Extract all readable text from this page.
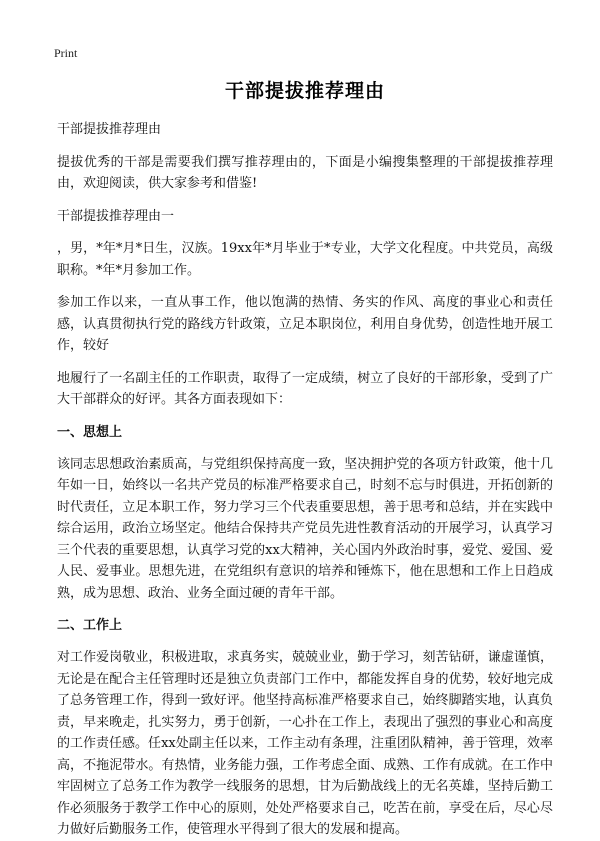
Print
干部提拔推荐理由

干部提拔推荐理由

提拔优秀的干部是需要我们撰写推荐理由的，下面是小编搜集整理的干部提拔推荐理由，欢迎阅读，供大家参考和借鉴!

干部提拔推荐理由一

，男，*年*月*日生，汉族。19xx年*月毕业于*专业，大学文化程度。中共党员，高级职称。*年*月参加工作。

参加工作以来，一直从事工作，他以饱满的热情、务实的作风、高度的事业心和责任感，认真贯彻执行党的路线方针政策，立足本职岗位，利用自身优势，创造性地开展工作，较好

地履行了一名副主任的工作职责，取得了一定成绩，树立了良好的干部形象，受到了广大干部群众的好评。其各方面表现如下：

一、思想上

该同志思想政治素质高，与党组织保持高度一致，坚决拥护党的各项方针政策，他十几年如一日，始终以一名共产党员的标准严格要求自己，时刻不忘与时俱进，开拓创新的时代责任，立足本职工作，努力学习三个代表重要思想，善于思考和总结，并在实践中综合运用，政治立场坚定。他结合保持共产党员先进性教育活动的开展学习，认真学习三个代表的重要思想，认真学习党的xx大精神，关心国内外政治时事，爱党、爱国、爱人民、爱事业。思想先进，在党组织有意识的培养和锤炼下，他在思想和工作上日趋成熟，成为思想、政治、业务全面过硬的青年干部。

二、工作上

对工作爱岗敬业，积极进取，求真务实，兢兢业业，勤于学习，刻苦钻研，谦虚谨慎，无论是在配合主任管理时还是独立负责部门工作中，都能发挥自身的优势，较好地完成了总务管理工作，得到一致好评。他坚持高标准严格要求自己，始终脚踏实地，认真负责，早来晚走，扎实努力，勇于创新，一心扑在工作上，表现出了强烈的事业心和高度的工作责任感。任xx处副主任以来，工作主动有条理，注重团队精神，善于管理，效率高，不拖泥带水。有热情，业务能力强，工作考虑全面、成熟、工作有成就。在工作中牢固树立了总务工作为教学一线服务的思想，甘为后勤战线上的无名英雄，坚持后勤工作必须服务于教学工作中心的原则，处处严格要求自己，吃苦在前，享受在后，尽心尽力做好后勤服务工作，使管理水平得到了很大的发展和提高。
